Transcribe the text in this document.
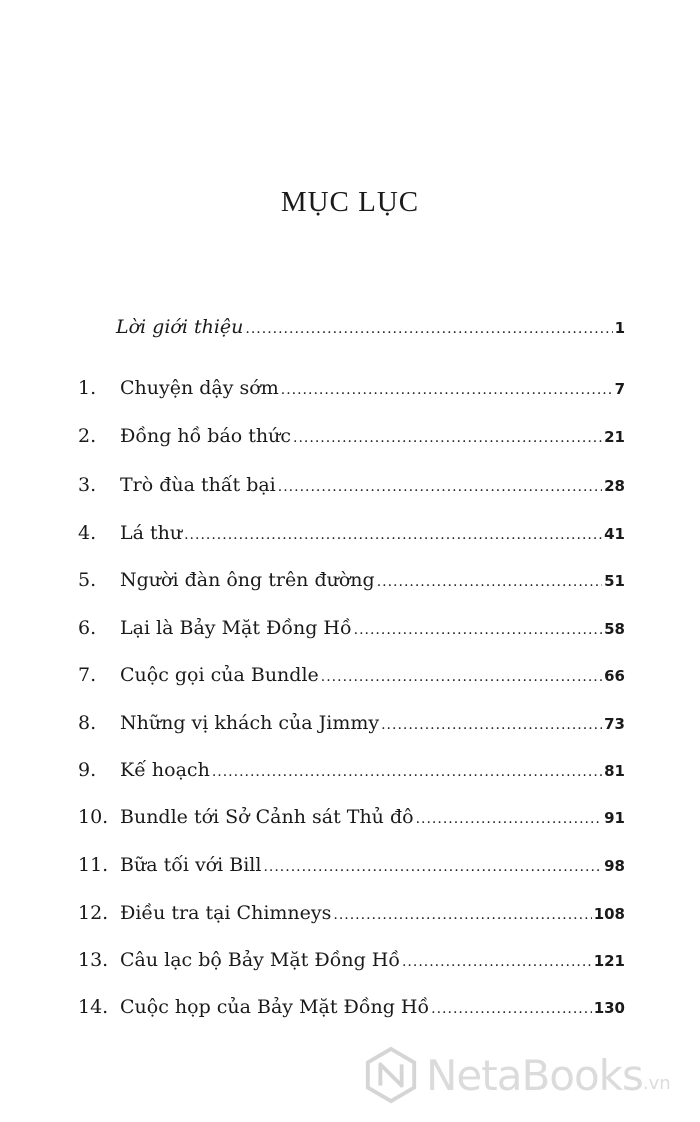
MỤC LỤC
Lời giới thiệu .....	1
1.	Chuyện dậy sớm .....	7
2.	Đồng hồ báo thức .....	21
3.	Trò đùa thất bại .....	28
4.	Lá thư .....	41
5.	Người đàn ông trên đường .....	51
6.	Lại là Bảy Mặt Đồng Hồ .....	58
7.	Cuộc gọi của Bundle .....	66
8.	Những vị khách của Jimmy .....	73
9.	Kế hoạch .....	81
10. Bundle tới Sở Cảnh sát Thủ đô .....	91
11. Bữa tối với Bill .....	98
12. Điều tra tại Chimneys .....	108
13. Câu lạc bộ Bảy Mặt Đồng Hồ .....	121
14. Cuộc họp của Bảy Mặt Đồng Hồ .....	130
NetaBooks .vn
